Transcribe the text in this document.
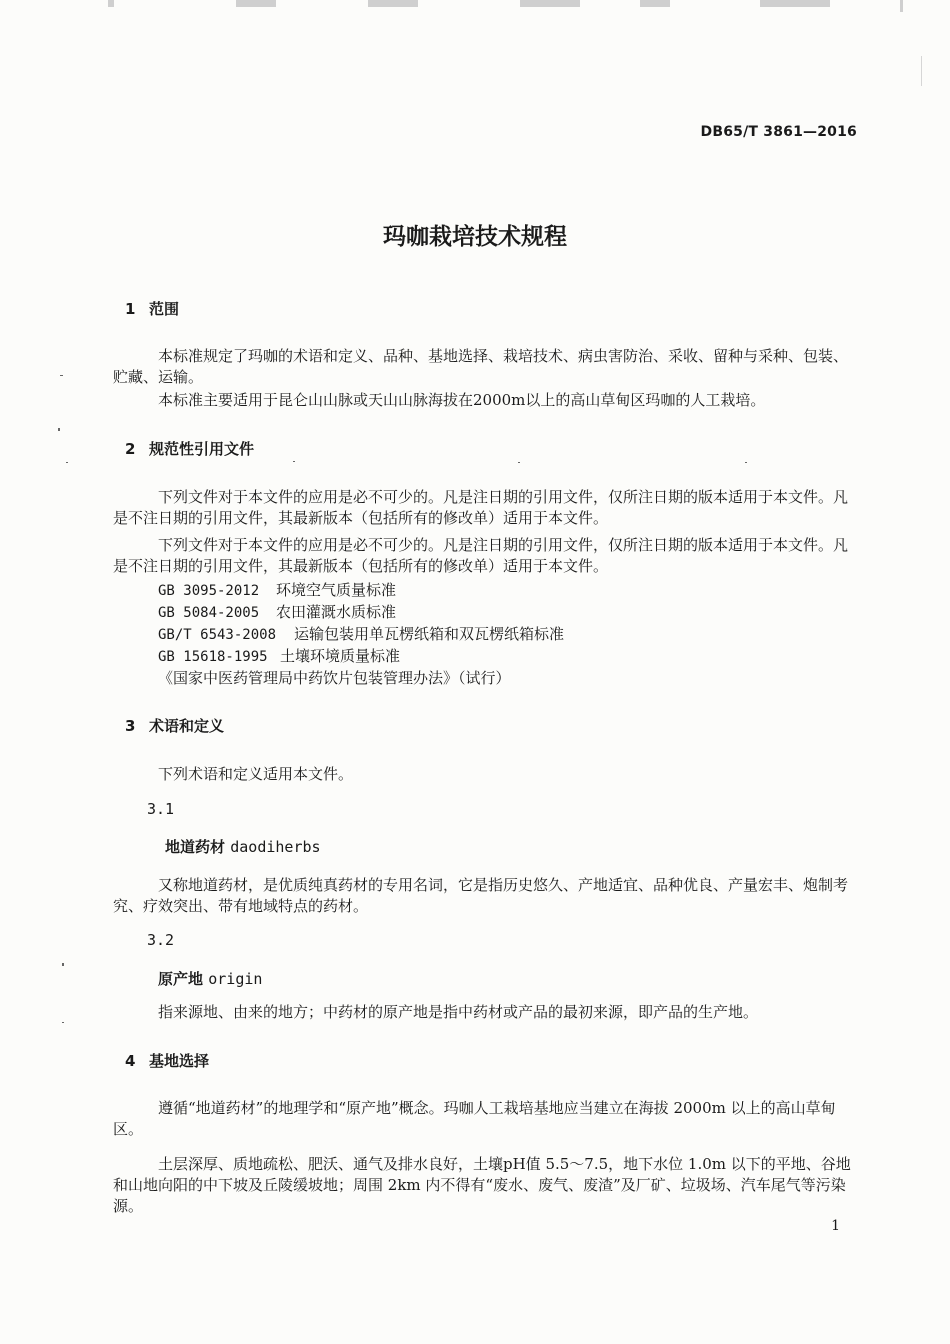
DB65/T 3861—2016
玛咖栽培技术规程
1 范围
本标准规定了玛咖的术语和定义、品种、基地选择、栽培技术、病虫害防治、采收、留种与采种、包装、贮藏、运输。
本标准主要适用于昆仑山山脉或天山山脉海拔在2000m以上的高山草甸区玛咖的人工栽培。
2 规范性引用文件
下列文件对于本文件的应用是必不可少的。凡是注日期的引用文件，仅所注日期的版本适用于本文件。凡是不注日期的引用文件，其最新版本（包括所有的修改单）适用于本文件。
下列文件对于本文件的应用是必不可少的。凡是注日期的引用文件，仅所注日期的版本适用于本文件。凡是不注日期的引用文件，其最新版本（包括所有的修改单）适用于本文件。
GB 3095-2012 环境空气质量标准
GB 5084-2005 农田灌溉水质标准
GB/T 6543-2008 运输包装用单瓦楞纸箱和双瓦楞纸箱标准
GB 15618-1995 土壤环境质量标准
《国家中医药管理局中药饮片包装管理办法》（试行）
3 术语和定义
下列术语和定义适用本文件。
3.1
地道药材 daodiherbs
又称地道药材，是优质纯真药材的专用名词，它是指历史悠久、产地适宜、品种优良、产量宏丰、炮制考究、疗效突出、带有地域特点的药材。
3.2
原产地 origin
指来源地、由来的地方；中药材的原产地是指中药材或产品的最初来源，即产品的生产地。
4 基地选择
遵循“地道药材”的地理学和“原产地”概念。玛咖人工栽培基地应当建立在海拔 2000m 以上的高山草甸区。
土层深厚、质地疏松、肥沃、通气及排水良好，土壤pH值 5.5～7.5，地下水位 1.0m 以下的平地、谷地和山地向阳的中下坡及丘陵缓坡地；周围 2km 内不得有“废水、废气、废渣”及厂矿、垃圾场、汽车尾气等污染源。
1
